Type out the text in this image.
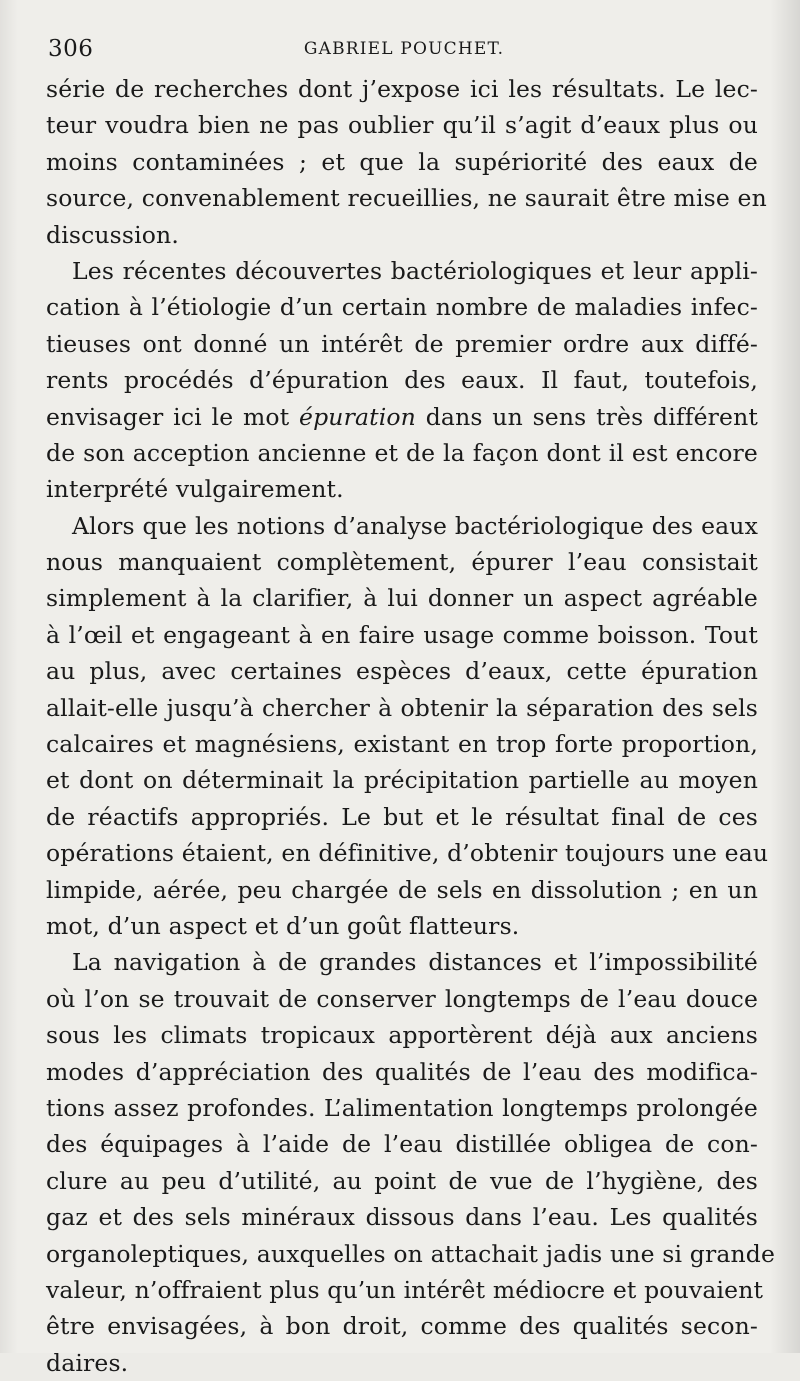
306	GABRIEL POUCHET.
série de recherches dont j’expose ici les résultats. Le lec-
teur voudra bien ne pas oublier qu’il s’agit d’eaux plus ou
moins contaminées ; et que la supériorité des eaux de
source, convenablement recueillies, ne saurait être mise en
discussion.
Les récentes découvertes bactériologiques et leur appli-
cation à l’étiologie d’un certain nombre de maladies infec-
tieuses ont donné un intérêt de premier ordre aux diffé-
rents procédés d’épuration des eaux. Il faut, toutefois,
envisager ici le mot épuration dans un sens très différent
de son acception ancienne et de la façon dont il est encore
interprété vulgairement.
Alors que les notions d’analyse bactériologique des eaux
nous manquaient complètement, épurer l’eau consistait
simplement à la clarifier, à lui donner un aspect agréable
à l’œil et engageant à en faire usage comme boisson. Tout
au plus, avec certaines espèces d’eaux, cette épuration
allait-elle jusqu’à chercher à obtenir la séparation des sels
calcaires et magnésiens, existant en trop forte proportion,
et dont on déterminait la précipitation partielle au moyen
de réactifs appropriés. Le but et le résultat final de ces
opérations étaient, en définitive, d’obtenir toujours une eau
limpide, aérée, peu chargée de sels en dissolution ; en un
mot, d’un aspect et d’un goût flatteurs.
La navigation à de grandes distances et l’impossibilité
où l’on se trouvait de conserver longtemps de l’eau douce
sous les climats tropicaux apportèrent déjà aux anciens
modes d’appréciation des qualités de l’eau des modifica-
tions assez profondes. L’alimentation longtemps prolongée
des équipages à l’aide de l’eau distillée obligea de con-
clure au peu d’utilité, au point de vue de l’hygiène, des
gaz et des sels minéraux dissous dans l’eau. Les qualités
organoleptiques, auxquelles on attachait jadis une si grande
valeur, n’offraient plus qu’un intérêt médiocre et pouvaient
être envisagées, à bon droit, comme des qualités secon-
daires.
